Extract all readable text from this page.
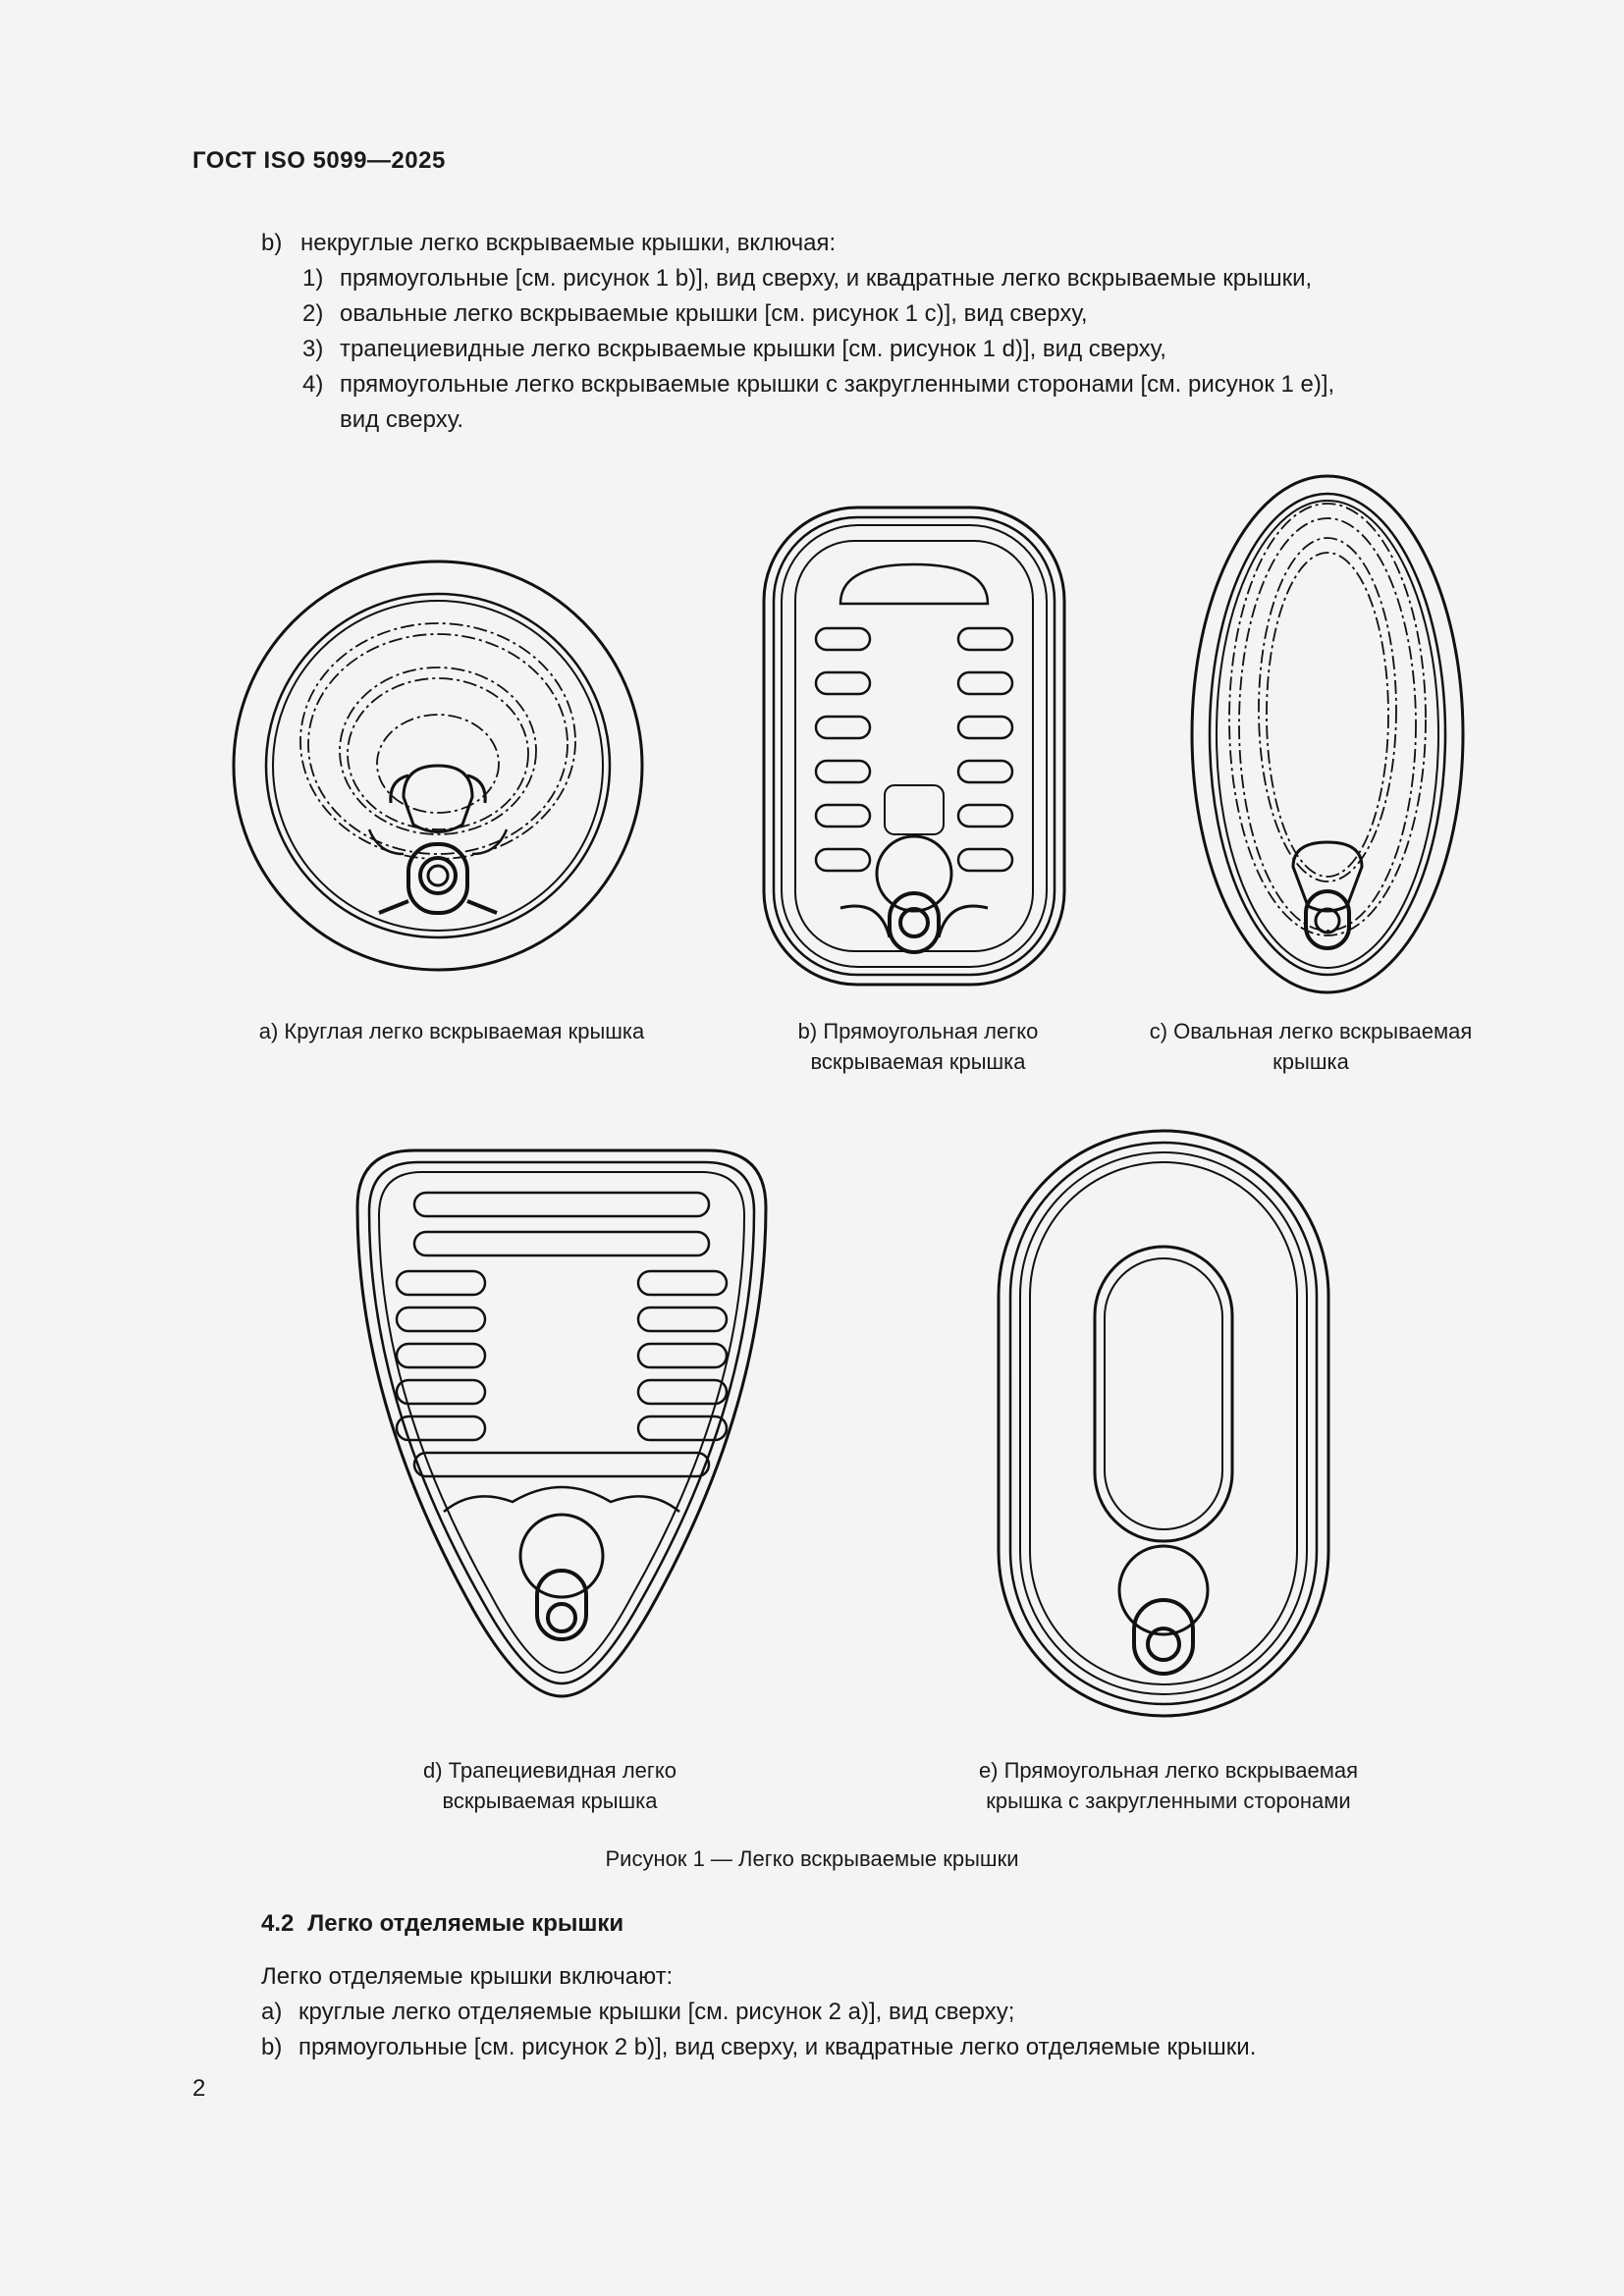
ГОСТ ISO 5099—2025
b) некруглые легко вскрываемые крышки, включая:
1) прямоугольные [см. рисунок 1 b)], вид сверху, и квадратные легко вскрываемые крышки,
2) овальные легко вскрываемые крышки [см. рисунок 1 c)], вид сверху,
3) трапециевидные легко вскрываемые крышки [см. рисунок 1 d)], вид сверху,
4) прямоугольные легко вскрываемые крышки с закругленными сторонами [см. рисунок 1 e)],
вид сверху.
a) Круглая легко вскрываемая крышка	b) Прямоугольная легко
вскрываемая крышка
c) Овальная легко вскрываемая
крышка
d) Трапециевидная легко
вскрываемая крышка
e) Прямоугольная легко вскрываемая
крышка с закругленными сторонами
Рисунок 1 — Легко вскрываемые крышки
4.2 Легко отделяемые крышки
Легко отделяемые крышки включают:
a) круглые легко отделяемые крышки [см. рисунок 2 a)], вид сверху;
b) прямоугольные [см. рисунок 2 b)], вид сверху, и квадратные легко отделяемые крышки.
2
